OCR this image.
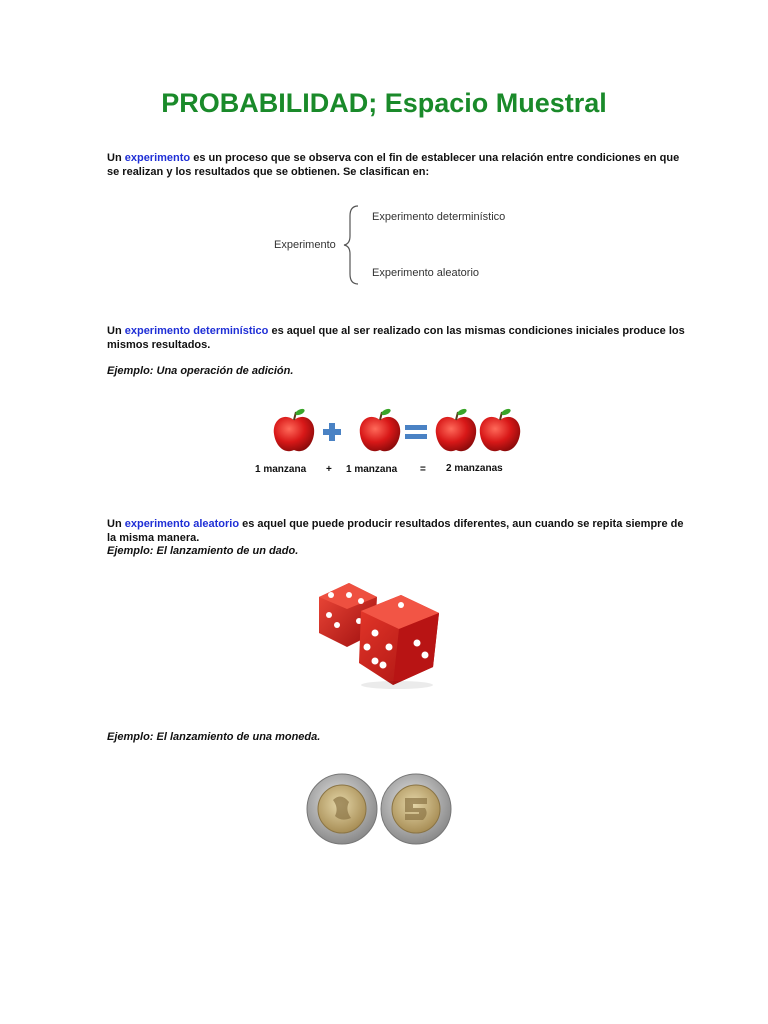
PROBABILIDAD; Espacio Muestral

Un experimento es un proceso que se observa con el fin de establecer una relación entre condiciones en que se realizan y los resultados que se obtienen. Se clasifican en:

Experimento
Experimento determinístico
Experimento aleatorio

Un experimento determinístico es aquel que al ser realizado con las mismas condiciones iniciales produce los mismos resultados.

Ejemplo: Una operación de adición.

1 manzana + 1 manzana = 2 manzanas

Un experimento aleatorio es aquel que puede producir resultados diferentes, aun cuando se repita siempre de la misma manera.

Ejemplo: El lanzamiento de un dado.

Ejemplo: El lanzamiento de una moneda.
